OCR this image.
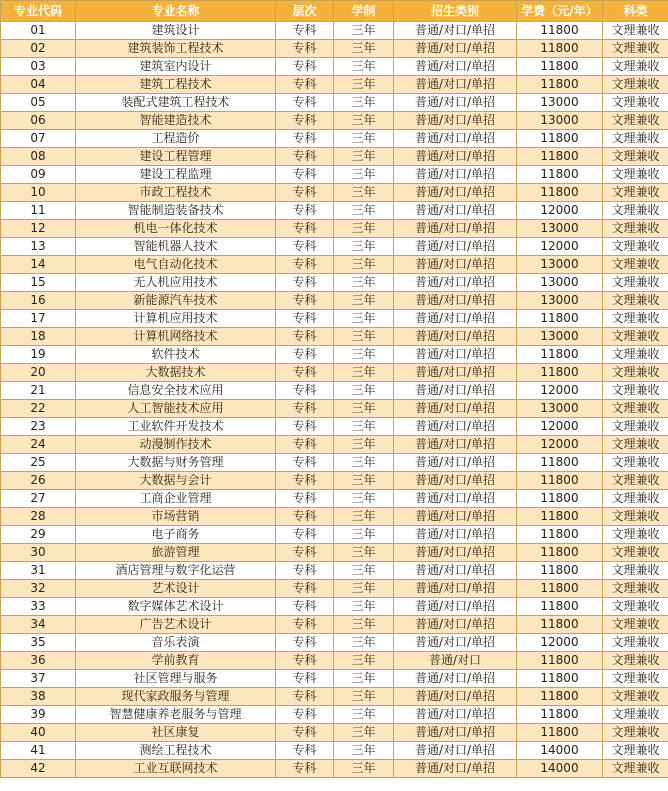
专业代码	专业名称	层次	学制	招生类别	学费（元/年）	科类
01	建筑设计	专科	三年	普通/对口/单招	11800	文理兼收
02	建筑装饰工程技术	专科	三年	普通/对口/单招	11800	文理兼收
03	建筑室内设计	专科	三年	普通/对口/单招	11800	文理兼收
04	建筑工程技术	专科	三年	普通/对口/单招	11800	文理兼收
05	装配式建筑工程技术	专科	三年	普通/对口/单招	13000	文理兼收
06	智能建造技术	专科	三年	普通/对口/单招	13000	文理兼收
07	工程造价	专科	三年	普通/对口/单招	11800	文理兼收
08	建设工程管理	专科	三年	普通/对口/单招	11800	文理兼收
09	建设工程监理	专科	三年	普通/对口/单招	11800	文理兼收
10	市政工程技术	专科	三年	普通/对口/单招	11800	文理兼收
11	智能制造装备技术	专科	三年	普通/对口/单招	12000	文理兼收
12	机电一体化技术	专科	三年	普通/对口/单招	13000	文理兼收
13	智能机器人技术	专科	三年	普通/对口/单招	12000	文理兼收
14	电气自动化技术	专科	三年	普通/对口/单招	13000	文理兼收
15	无人机应用技术	专科	三年	普通/对口/单招	13000	文理兼收
16	新能源汽车技术	专科	三年	普通/对口/单招	13000	文理兼收
17	计算机应用技术	专科	三年	普通/对口/单招	11800	文理兼收
18	计算机网络技术	专科	三年	普通/对口/单招	13000	文理兼收
19	软件技术	专科	三年	普通/对口/单招	11800	文理兼收
20	大数据技术	专科	三年	普通/对口/单招	11800	文理兼收
21	信息安全技术应用	专科	三年	普通/对口/单招	12000	文理兼收
22	人工智能技术应用	专科	三年	普通/对口/单招	13000	文理兼收
23	工业软件开发技术	专科	三年	普通/对口/单招	12000	文理兼收
24	动漫制作技术	专科	三年	普通/对口/单招	12000	文理兼收
25	大数据与财务管理	专科	三年	普通/对口/单招	11800	文理兼收
26	大数据与会计	专科	三年	普通/对口/单招	11800	文理兼收
27	工商企业管理	专科	三年	普通/对口/单招	11800	文理兼收
28	市场营销	专科	三年	普通/对口/单招	11800	文理兼收
29	电子商务	专科	三年	普通/对口/单招	11800	文理兼收
30	旅游管理	专科	三年	普通/对口/单招	11800	文理兼收
31	酒店管理与数字化运营	专科	三年	普通/对口/单招	11800	文理兼收
32	艺术设计	专科	三年	普通/对口/单招	11800	文理兼收
33	数字媒体艺术设计	专科	三年	普通/对口/单招	11800	文理兼收
34	广告艺术设计	专科	三年	普通/对口/单招	11800	文理兼收
35	音乐表演	专科	三年	普通/对口/单招	12000	文理兼收
36	学前教育	专科	三年	普通/对口	11800	文理兼收
37	社区管理与服务	专科	三年	普通/对口/单招	11800	文理兼收
38	现代家政服务与管理	专科	三年	普通/对口/单招	11800	文理兼收
39	智慧健康养老服务与管理	专科	三年	普通/对口/单招	11800	文理兼收
40	社区康复	专科	三年	普通/对口/单招	11800	文理兼收
41	测绘工程技术	专科	三年	普通/对口/单招	14000	文理兼收
42	工业互联网技术	专科	三年	普通/对口/单招	14000	文理兼收
